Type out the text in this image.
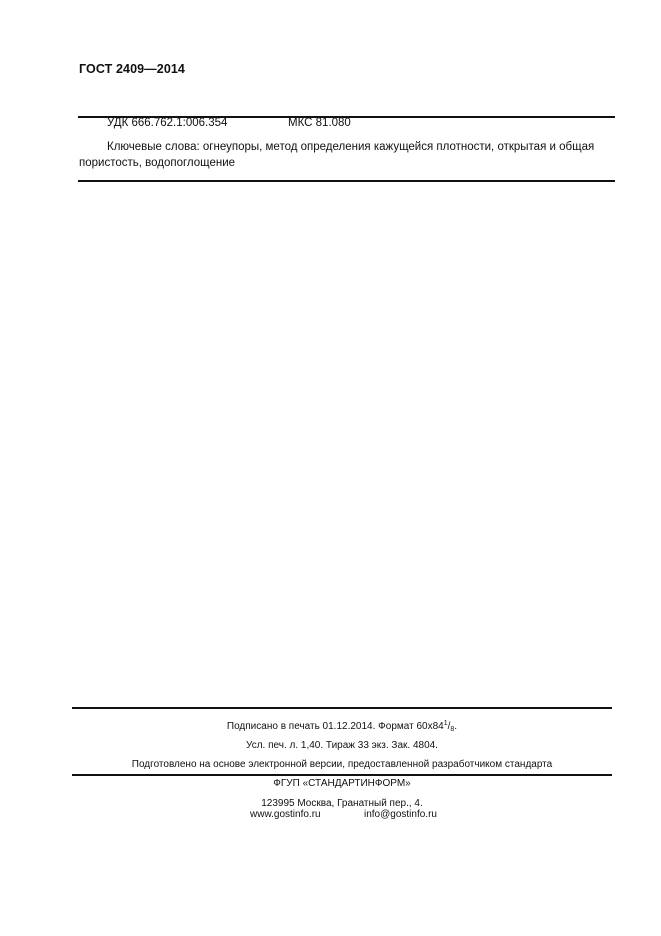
ГОСТ 2409—2014
УДК 666.762.1:006.354	МКС 81.080
Ключевые слова: огнеупоры, метод определения кажущейся плотности, открытая и общая
пористость, водопоглощение
Подписано в печать 01.12.2014. Формат $60x84^1/_8$.
Усл. печ. л. 1,40. Тираж 33 экз. Зак. 4804.
Подготовлено на основе электронной версии, предоставленной разработчиком стандарта
ФГУП «СТАНДАРТИНФОРМ»
123995 Москва, Гранатный пер., 4.
www.gostinfo.ru	info@gostinfo.ru
